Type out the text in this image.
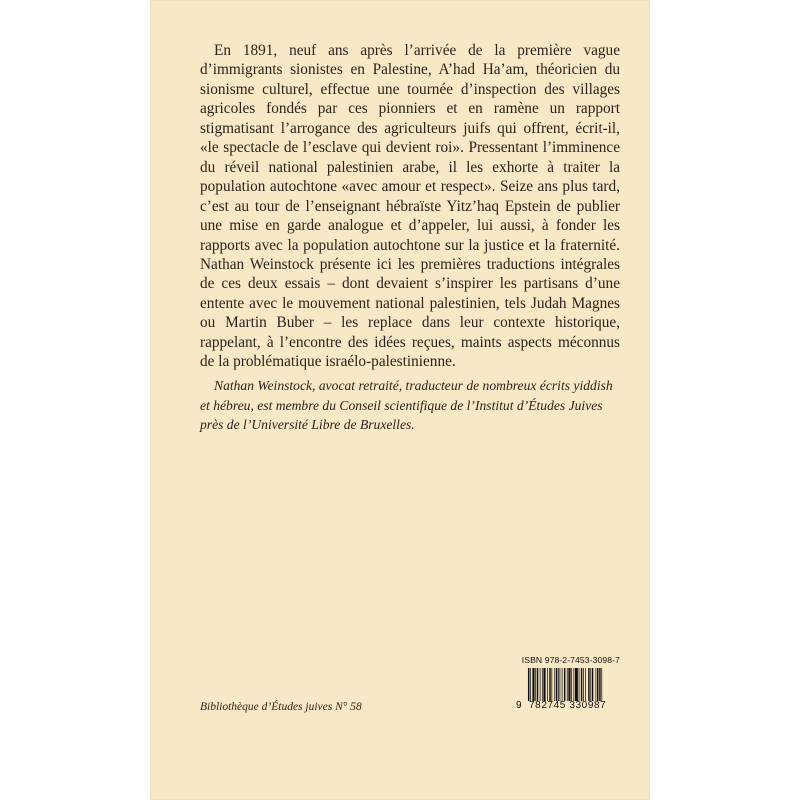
En 1891, neuf ans après l’arrivée de la première vague d’immigrants sionistes en Palestine, A’had Ha’am, théoricien du sionisme culturel, effectue une tournée d’inspection des villages agricoles fondés par ces pionniers et en ramène un rapport stigmatisant l’arrogance des agriculteurs juifs qui offrent, écrit-il, «le spectacle de l’esclave qui devient roi». Pressentant l’imminence du réveil national palestinien arabe, il les exhorte à traiter la population autochtone «avec amour et respect». Seize ans plus tard, c’est au tour de l’enseignant hébraïste Yitz’haq Epstein de publier une mise en garde analogue et d’appeler, lui aussi, à fonder les rapports avec la population autochtone sur la justice et la fraternité. Nathan Weinstock présente ici les premières traductions intégrales de ces deux essais – dont devaient s’inspirer les partisans d’une entente avec le mouvement national palestinien, tels Judah Magnes ou Martin Buber – les replace dans leur contexte historique, rappelant, à l’encontre des idées reçues, maints aspects méconnus de la problématique israélo-palestinienne.

Nathan Weinstock, avocat retraité, traducteur de nombreux écrits yiddish et hébreu, est membre du Conseil scientifique de l’Institut d’Études Juives près de l’Université Libre de Bruxelles.

Bibliothèque d’Études juives N° 58

ISBN 978-2-7453-3098-7
9 782745 330987
